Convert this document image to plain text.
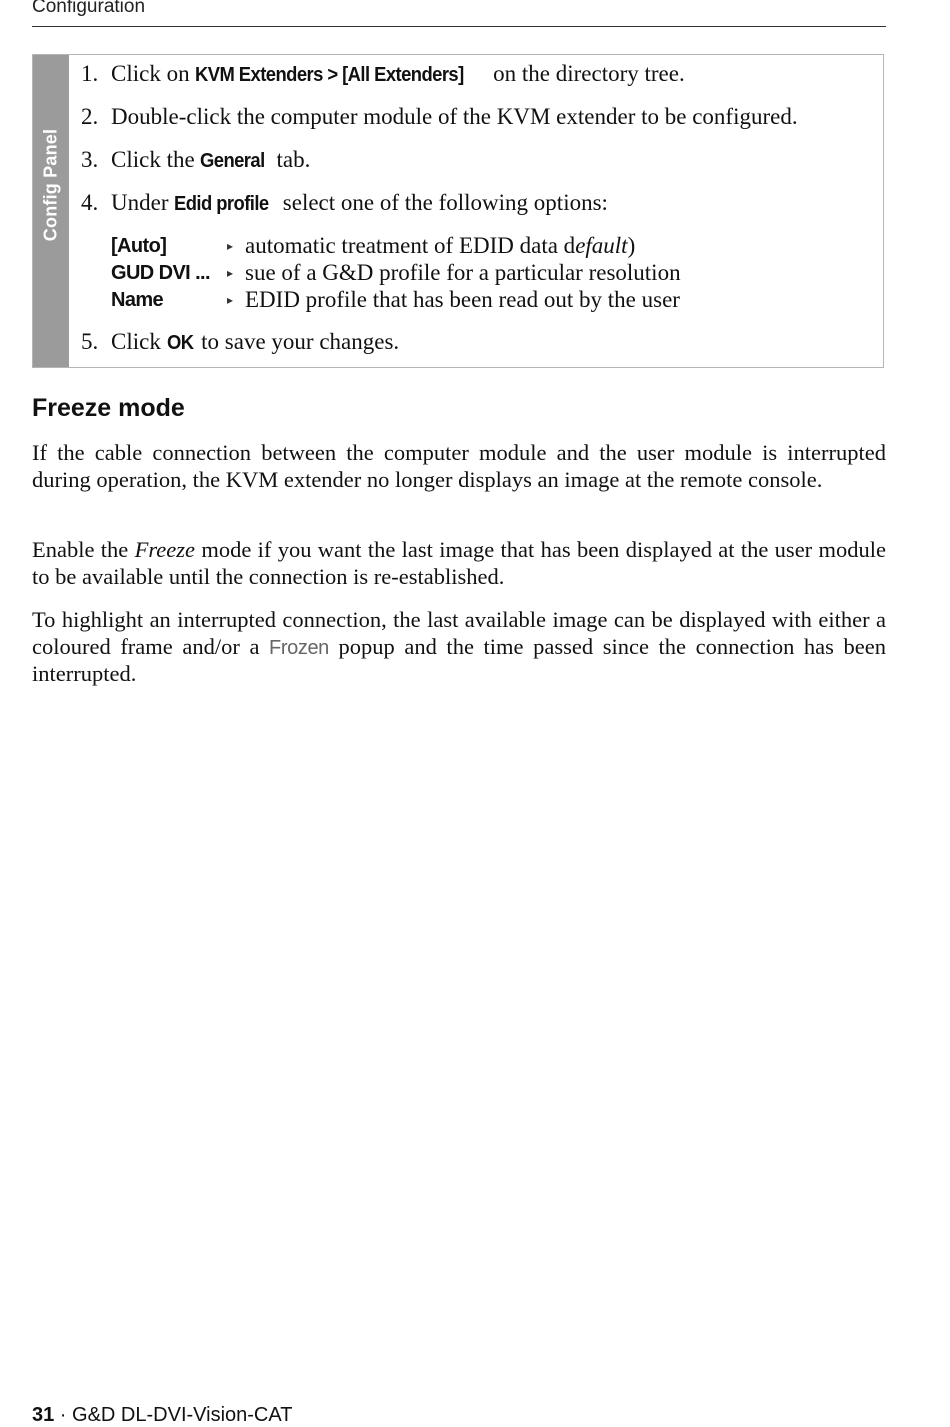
Configuration
Config Panel
1. Click on KVM Extenders > [All Extenders] on the directory tree.
2. Double-click the computer module of the KVM extender to be configured.
3. Click the General tab.
4. Under Edid profile select one of the following options:
[Auto]	▸ automatic treatment of EDID data default)
GUD DVI ...	▸ sue of a G&D profile for a particular resolution
Name	▸ EDID profile that has been read out by the user
5. Click OK to save your changes.
Freeze mode

If the cable connection between the computer module and the user module is interrupted during operation, the KVM extender no longer displays an image at the remote console.

Enable the Freeze mode if you want the last image that has been displayed at the user module to be available until the connection is re-established.

To highlight an interrupted connection, the last available image can be displayed with either a coloured frame and/or a Frozen popup and the time passed since the connection has been interrupted.

31 · G&D DL-DVI-Vision-CAT
